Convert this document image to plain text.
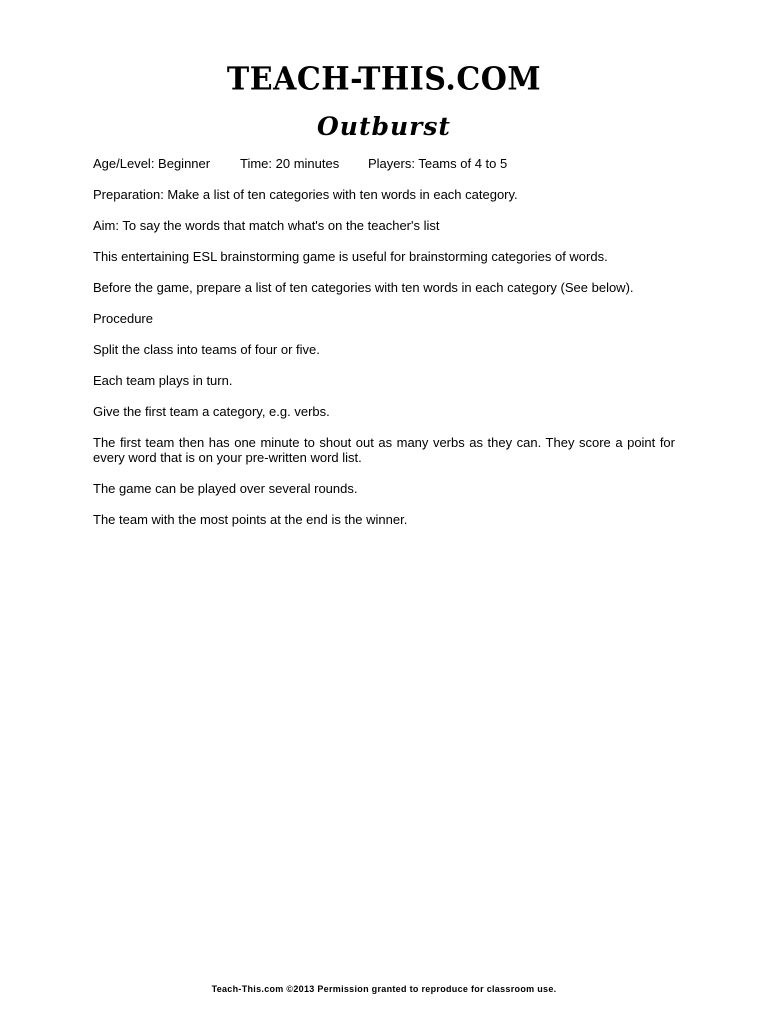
TEACH-THIS.COM
Outburst
Age/Level: Beginner Time: 20 minutes Players: Teams of 4 to 5

Preparation: Make a list of ten categories with ten words in each category.

Aim: To say the words that match what's on the teacher's list

This entertaining ESL brainstorming game is useful for brainstorming categories of words.

Before the game, prepare a list of ten categories with ten words in each category (See below).

Procedure

Split the class into teams of four or five.

Each team plays in turn.

Give the first team a category, e.g. verbs.

The first team then has one minute to shout out as many verbs as they can. They score a point for every word that is on your pre-written word list.

The game can be played over several rounds.

The team with the most points at the end is the winner.

Teach-This.com ©2013 Permission granted to reproduce for classroom use.
